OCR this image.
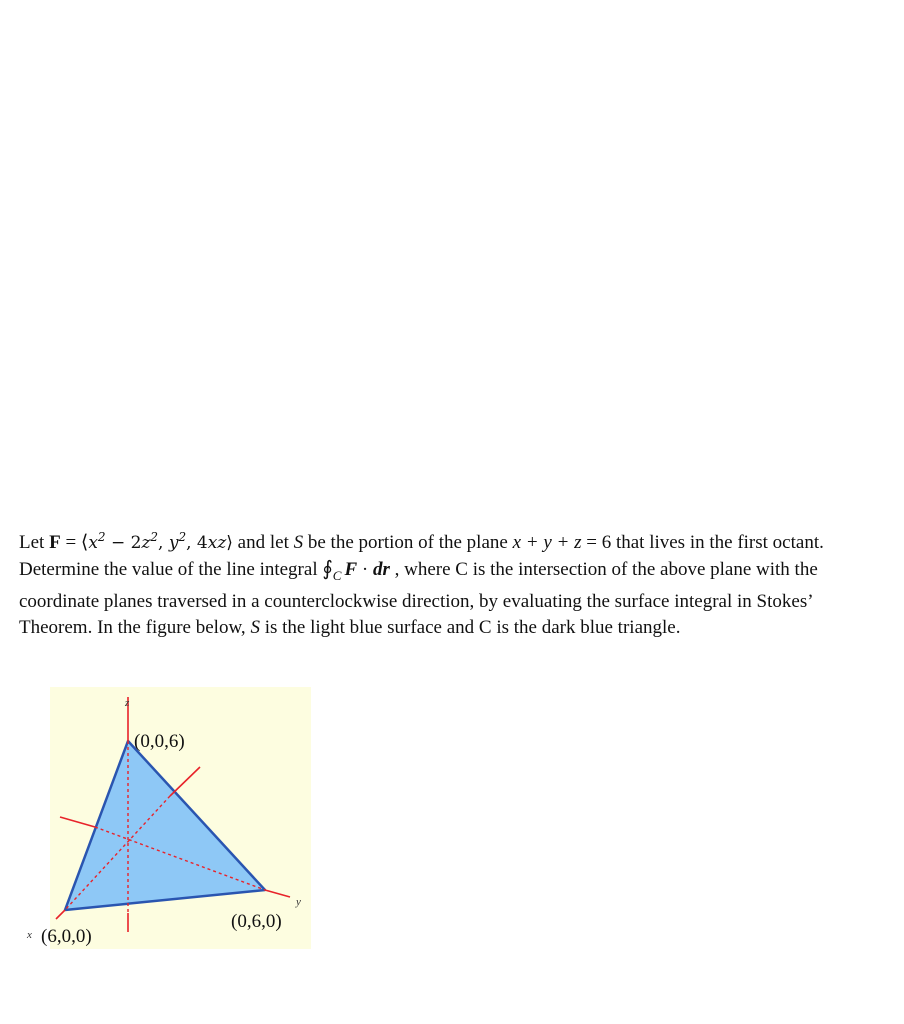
Let $F = ⟨x^2 - 2z^2$, $y^2$, 4xz⟩ and let S be the portion of the plane x + y + z = 6 that lives in the first octant. Determine the value of the line integral $∮_C$ F · dr , where C is the intersection of the above plane with the coordinate planes traversed in a counterclockwise direction, by evaluating the surface integral in Stokes’ Theorem. In the figure below, S is the light blue surface and C is the dark blue triangle.

(0,0,6)
(6,0,0)
(0,6,0)
z
x
y
